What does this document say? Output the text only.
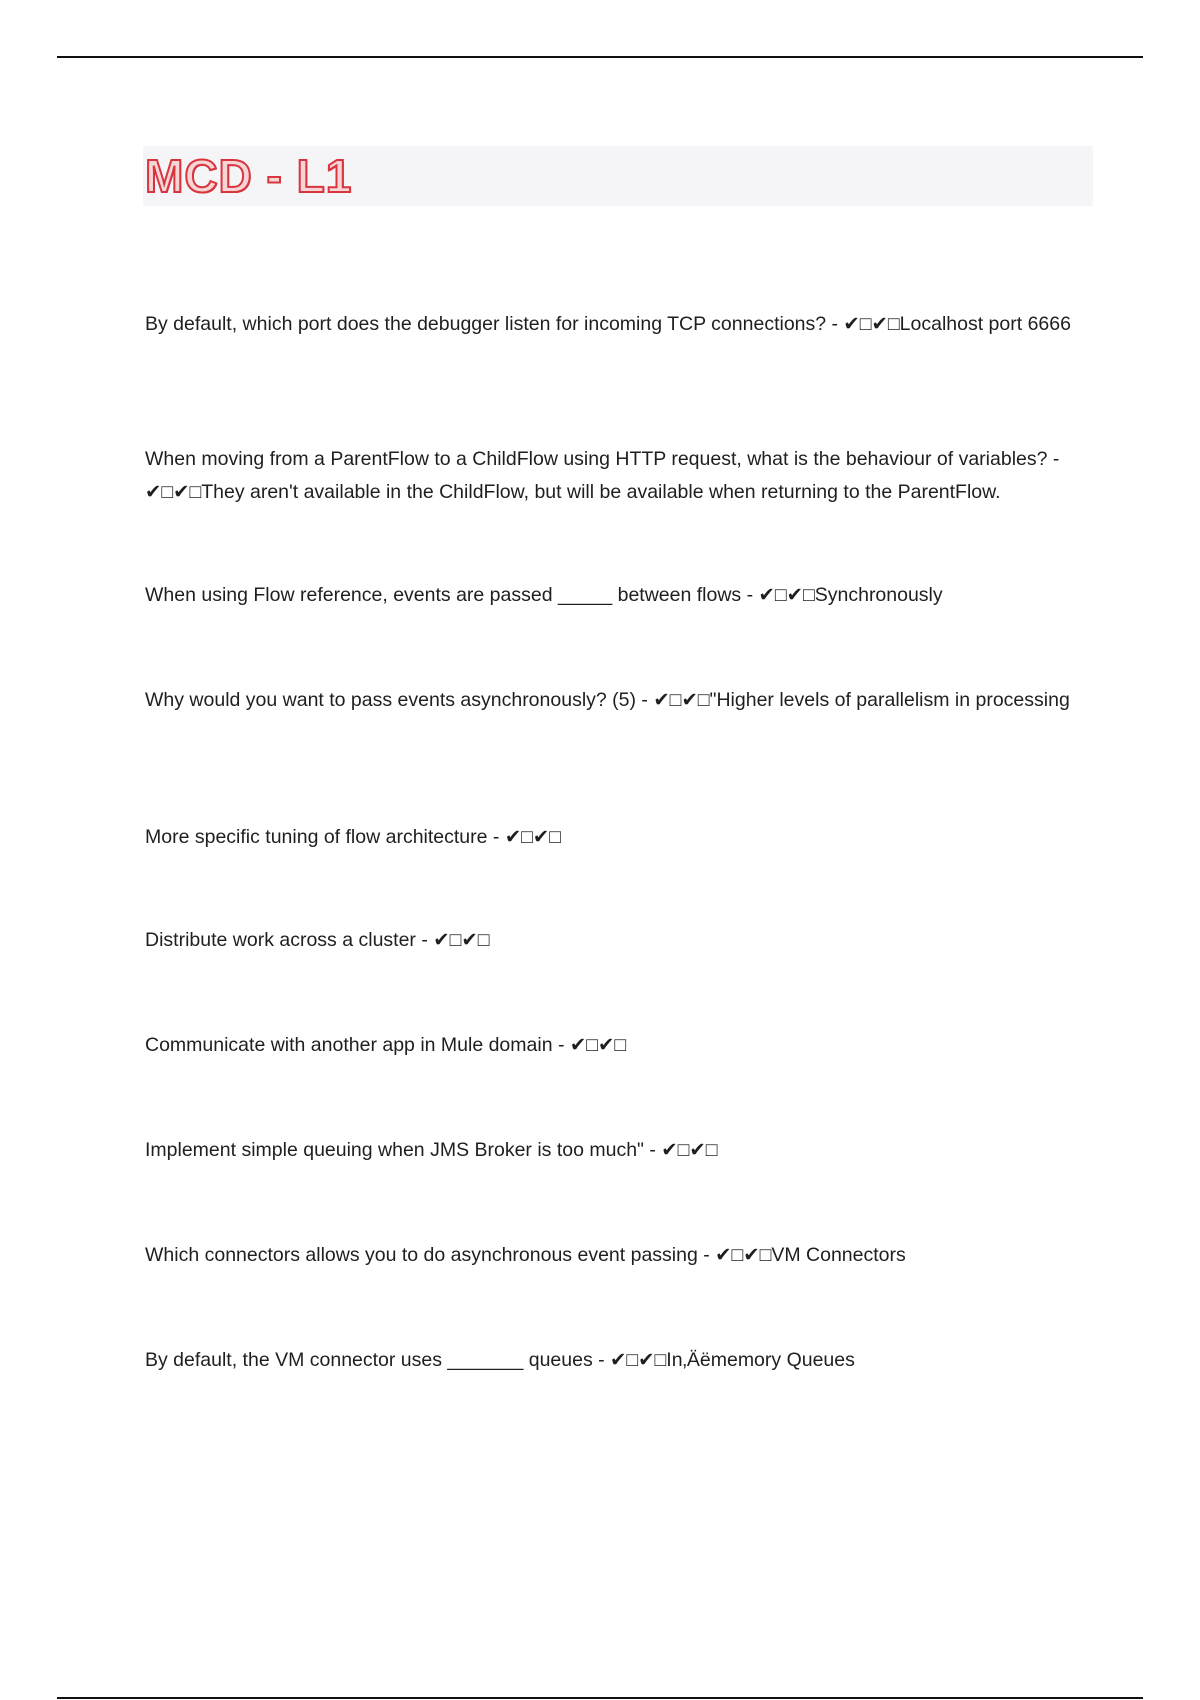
MCD - L1

By default, which port does the debugger listen for incoming TCP connections? - ✔□✔□Localhost port 6666

When moving from a ParentFlow to a ChildFlow using HTTP request, what is the behaviour of variables? - ✔□✔□They aren't available in the ChildFlow, but will be available when returning to the ParentFlow.

When using Flow reference, events are passed _____ between flows - ✔□✔□Synchronously

Why would you want to pass events asynchronously? (5) - ✔□✔□"Higher levels of parallelism in processing

More specific tuning of flow architecture - ✔□✔□

Distribute work across a cluster - ✔□✔□

Communicate with another app in Mule domain - ✔□✔□

Implement simple queuing when JMS Broker is too much" - ✔□✔□

Which connectors allows you to do asynchronous event passing - ✔□✔□VM Connectors

By default, the VM connector uses _______ queues - ✔□✔□In‚Äëmemory Queues
